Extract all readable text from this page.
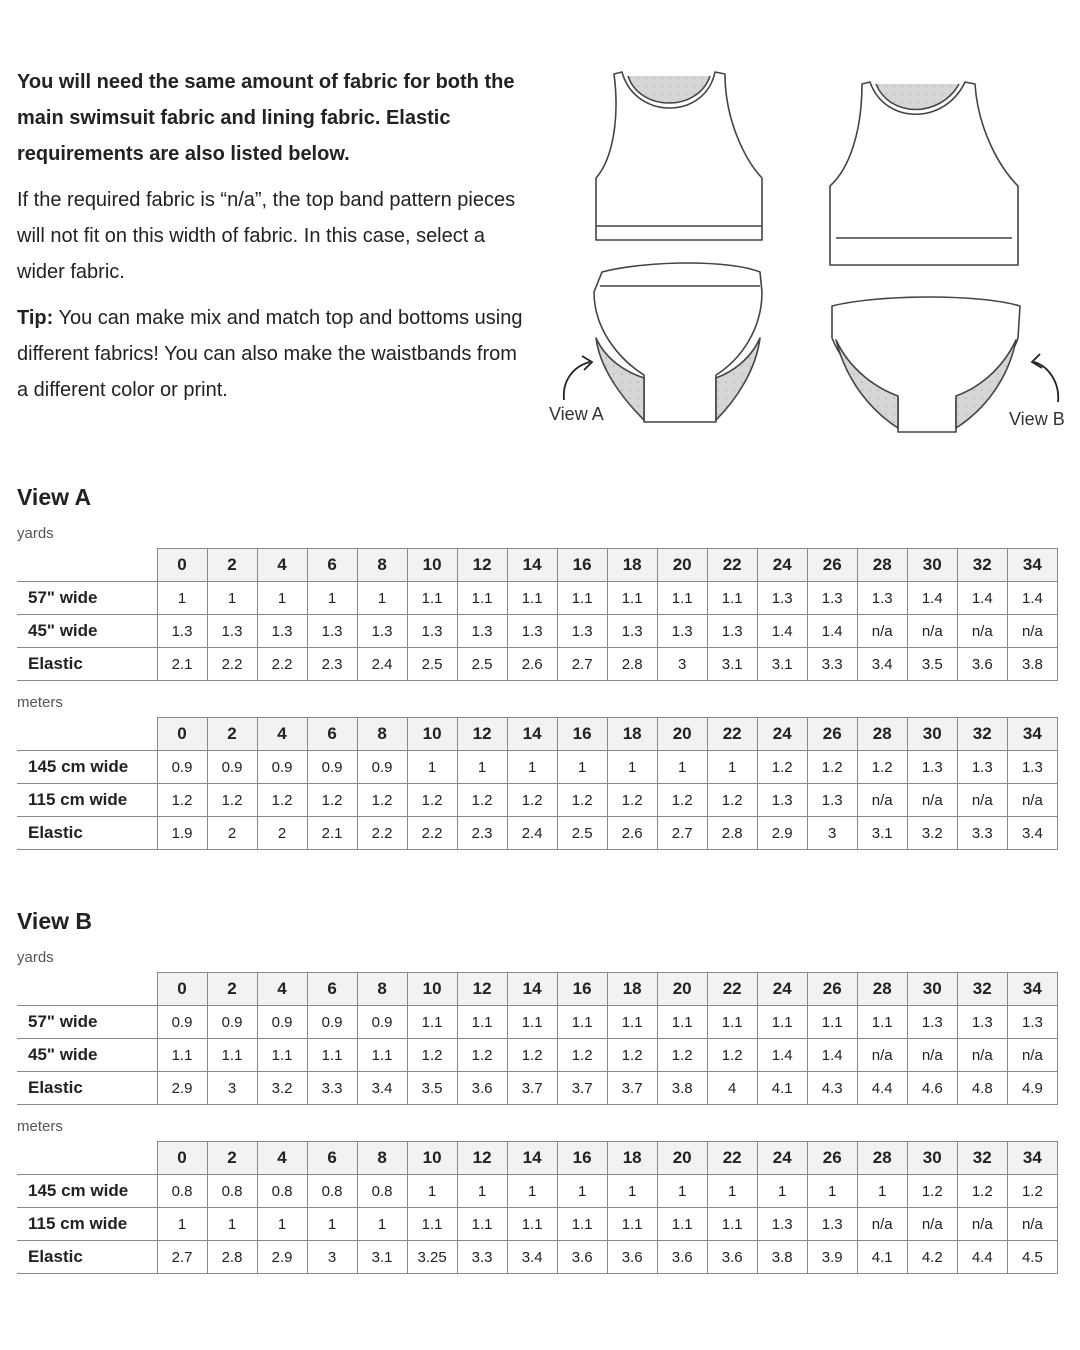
You will need the same amount of fabric for both the main swimsuit fabric and lining fabric. Elastic requirements are also listed below.

If the required fabric is “n/a”, the top band pattern pieces will not fit on this width of fabric. In this case, select a wider fabric.

Tip: You can make mix and match top and bottoms using different fabrics! You can also make the waistbands from a different color or print.

View A	View B
View A
yards
	0	2	4	6	8	10	12	14	16	18	20	22	24	26	28	30	32	34
57" wide	1	1	1	1	1	1.1	1.1	1.1	1.1	1.1	1.1	1.1	1.3	1.3	1.3	1.4	1.4	1.4
45" wide	1.3	1.3	1.3	1.3	1.3	1.3	1.3	1.3	1.3	1.3	1.3	1.3	1.4	1.4	n/a	n/a	n/a	n/a
Elastic	2.1	2.2	2.2	2.3	2.4	2.5	2.5	2.6	2.7	2.8	3	3.1	3.1	3.3	3.4	3.5	3.6	3.8
meters
	0	2	4	6	8	10	12	14	16	18	20	22	24	26	28	30	32	34
145 cm wide	0.9	0.9	0.9	0.9	0.9	1	1	1	1	1	1	1	1.2	1.2	1.2	1.3	1.3	1.3
115 cm wide	1.2	1.2	1.2	1.2	1.2	1.2	1.2	1.2	1.2	1.2	1.2	1.2	1.3	1.3	n/a	n/a	n/a	n/a
Elastic	1.9	2	2	2.1	2.2	2.2	2.3	2.4	2.5	2.6	2.7	2.8	2.9	3	3.1	3.2	3.3	3.4
View B
yards
	0	2	4	6	8	10	12	14	16	18	20	22	24	26	28	30	32	34
57" wide	0.9	0.9	0.9	0.9	0.9	1.1	1.1	1.1	1.1	1.1	1.1	1.1	1.1	1.1	1.1	1.3	1.3	1.3
45" wide	1.1	1.1	1.1	1.1	1.1	1.2	1.2	1.2	1.2	1.2	1.2	1.2	1.4	1.4	n/a	n/a	n/a	n/a
Elastic	2.9	3	3.2	3.3	3.4	3.5	3.6	3.7	3.7	3.7	3.8	4	4.1	4.3	4.4	4.6	4.8	4.9
meters
	0	2	4	6	8	10	12	14	16	18	20	22	24	26	28	30	32	34
145 cm wide	0.8	0.8	0.8	0.8	0.8	1	1	1	1	1	1	1	1	1	1	1.2	1.2	1.2
115 cm wide	1	1	1	1	1	1.1	1.1	1.1	1.1	1.1	1.1	1.1	1.3	1.3	n/a	n/a	n/a	n/a
Elastic	2.7	2.8	2.9	3	3.1	3.25	3.3	3.4	3.6	3.6	3.6	3.6	3.8	3.9	4.1	4.2	4.4	4.5
